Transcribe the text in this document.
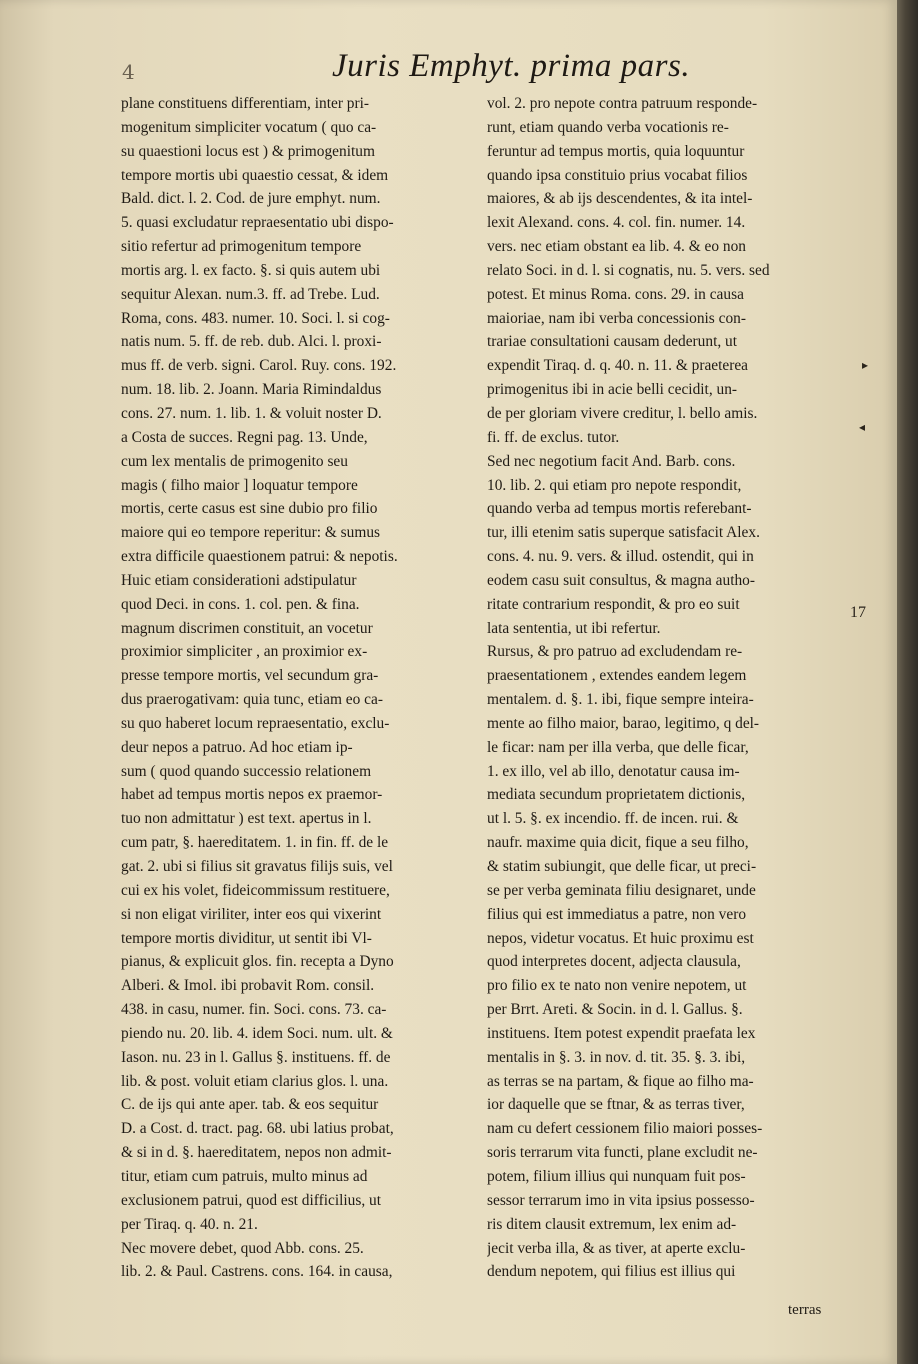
4	Juris Emphyt. prima pars.
plane constituens differentiam, inter pri-
mogenitum simpliciter vocatum ( quo ca-
su quaestioni locus est ) & primogenitum
tempore mortis ubi quaestio cessat, & idem
Bald. dict. l. 2. Cod. de jure emphyt. num.
5. quasi excludatur repraesentatio ubi dispo-
sitio refertur ad primogenitum tempore
mortis arg. l. ex facto. §. si quis autem ubi
sequitur Alexan. num.3. ff. ad Trebe. Lud.
Roma, cons. 483. numer. 10. Soci. l. si cog-
natis num. 5. ff. de reb. dub. Alci. l. proxi-
mus ff. de verb. signi. Carol. Ruy. cons. 192.
num. 18. lib. 2. Joann. Maria Rimindaldus
cons. 27. num. 1. lib. 1. & voluit noster D.
a Costa de succes. Regni pag. 13. Unde,
cum lex mentalis de primogenito seu
magis ( filho maior ] loquatur tempore
mortis, certe casus est sine dubio pro filio
maiore qui eo tempore reperitur: & sumus
extra difficile quaestionem patrui: & nepotis.
Huic etiam considerationi adstipulatur
quod Deci. in cons. 1. col. pen. & fina.
magnum discrimen constituit, an vocetur
proximior simpliciter , an proximior ex-
presse tempore mortis, vel secundum gra-
dus praerogativam: quia tunc, etiam eo ca-
su quo haberet locum repraesentatio, exclu-
deur nepos a patruo. Ad hoc etiam ip-
sum ( quod quando successio relationem
habet ad tempus mortis nepos ex praemor-
tuo non admittatur ) est text. apertus in l.
cum patr, §. haereditatem. 1. in fin. ff. de le
gat. 2. ubi si filius sit gravatus filijs suis, vel
cui ex his volet, fideicommissum restituere,
si non eligat viriliter, inter eos qui vixerint
tempore mortis dividitur, ut sentit ibi Vl-
pianus, & explicuit glos. fin. recepta a Dyno
Alberi. & Imol. ibi probavit Rom. consil.
438. in casu, numer. fin. Soci. cons. 73. ca-
piendo nu. 20. lib. 4. idem Soci. num. ult. &
Iason. nu. 23 in l. Gallus §. instituens. ff. de
lib. & post. voluit etiam clarius glos. l. una.
C. de ijs qui ante aper. tab. & eos sequitur
D. a Cost. d. tract. pag. 68. ubi latius probat,
& si in d. §. haereditatem, nepos non admit-
titur, etiam cum patruis, multo minus ad
exclusionem patrui, quod est difficilius, ut
per Tiraq. q. 40. n. 21.
Nec movere debet, quod Abb. cons. 25.
lib. 2. & Paul. Castrens. cons. 164. in causa,
vol. 2. pro nepote contra patruum responde-
runt, etiam quando verba vocationis re-
feruntur ad tempus mortis, quia loquuntur
quando ipsa constituio prius vocabat filios
maiores, & ab ijs descendentes, & ita intel-
lexit Alexand. cons. 4. col. fin. numer. 14.
vers. nec etiam obstant ea lib. 4. & eo non
relato Soci. in d. l. si cognatis, nu. 5. vers. sed
potest. Et minus Roma. cons. 29. in causa
maioriae, nam ibi verba concessionis con-
trariae consultationi causam dederunt, ut
expendit Tiraq. d. q. 40. n. 11. & praeterea
primogenitus ibi in acie belli cecidit, un-
de per gloriam vivere creditur, l. bello amis.
fi. ff. de exclus. tutor.
Sed nec negotium facit And. Barb. cons.
10. lib. 2. qui etiam pro nepote respondit,
quando verba ad tempus mortis referebant-
tur, illi etenim satis superque satisfacit Alex.
cons. 4. nu. 9. vers. & illud. ostendit, qui in
eodem casu suit consultus, & magna autho-
ritate contrarium respondit, & pro eo suit
lata sententia, ut ibi refertur.
Rursus, & pro patruo ad excludendam re-
praesentationem , extendes eandem legem
mentalem. d. §. 1. ibi, fique sempre inteira-
mente ao filho maior, barao, legitimo, q del-
le ficar: nam per illa verba, que delle ficar,
1. ex illo, vel ab illo, denotatur causa im-
mediata secundum proprietatem dictionis,
ut l. 5. §. ex incendio. ff. de incen. rui. &
naufr. maxime quia dicit, fique a seu filho,
& statim subiungit, que delle ficar, ut preci-
se per verba geminata filiu designaret, unde
filius qui est immediatus a patre, non vero
nepos, videtur vocatus. Et huic proximu est
quod interpretes docent, adjecta clausula,
pro filio ex te nato non venire nepotem, ut
per Brrt. Areti. & Socin. in d. l. Gallus. §.
instituens. Item potest expendit praefata lex
mentalis in §. 3. in nov. d. tit. 35. §. 3. ibi,
as terras se na partam, & fique ao filho ma-
ior daquelle que se ftnar, & as terras tiver,
nam cu defert cessionem filio maiori posses-
soris terrarum vita functi, plane excludit ne-
potem, filium illius qui nunquam fuit pos-
sessor terrarum imo in vita ipsius possesso-
ris ditem clausit extremum, lex enim ad-
jecit verba illa, & as tiver, at aperte exclu-
dendum nepotem, qui filius est illius qui
17
▸
◂
terras
